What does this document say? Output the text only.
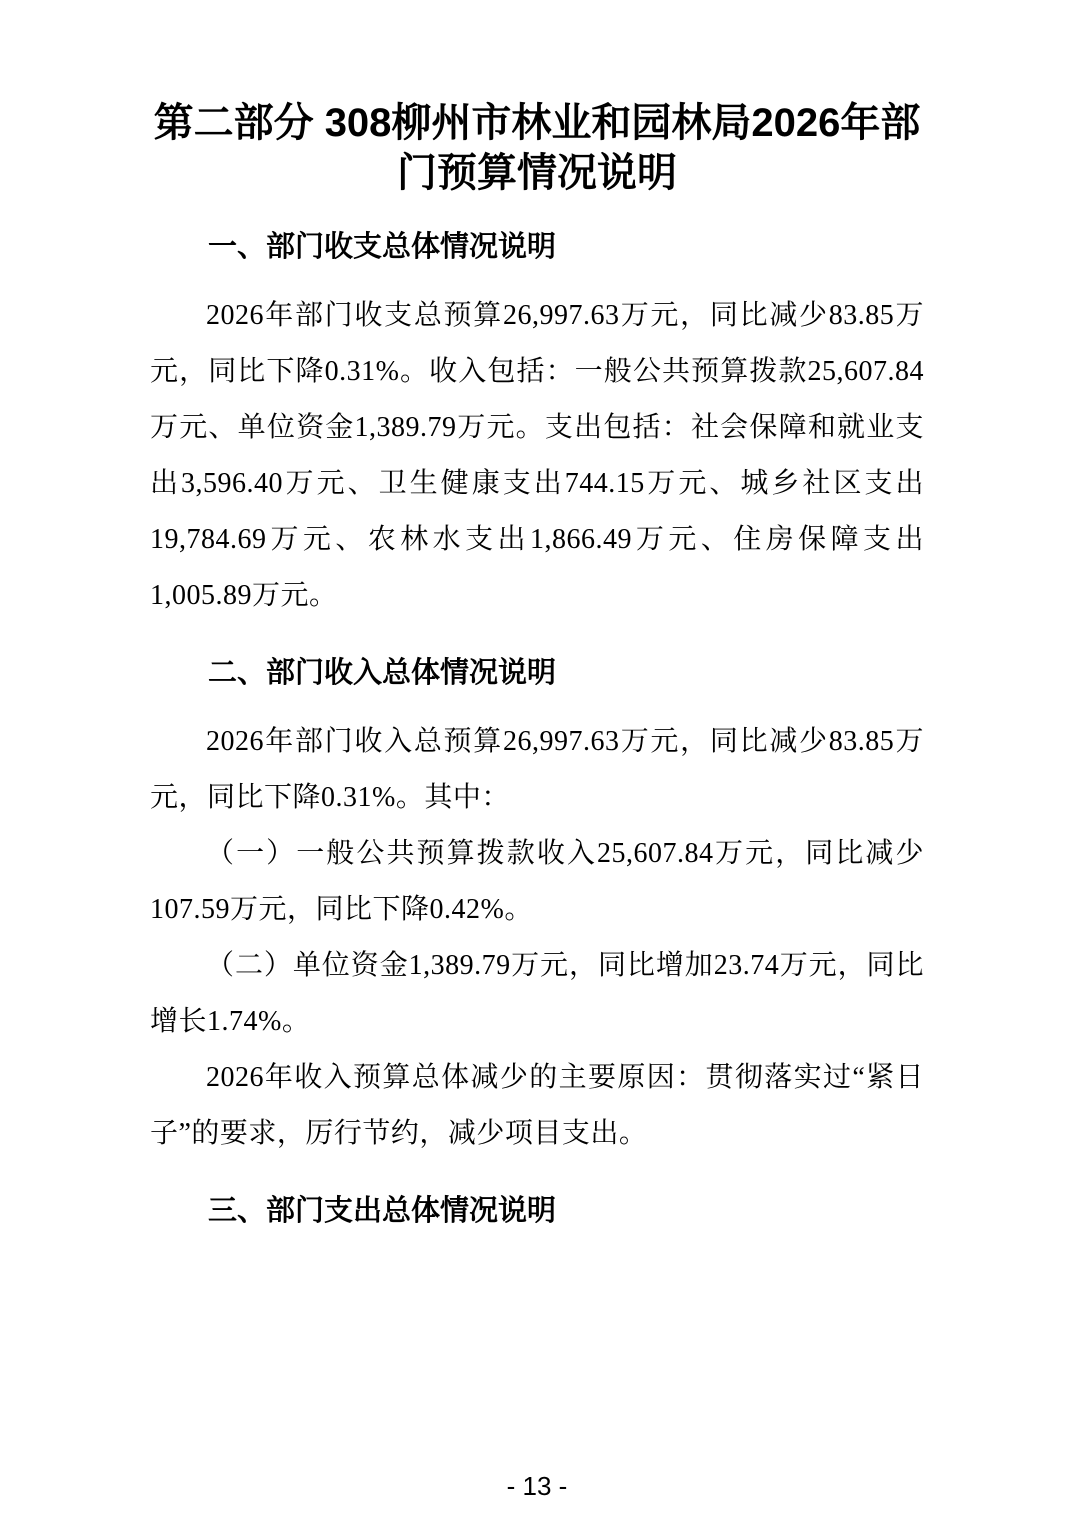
第二部分 308柳州市林业和园林局2026年部门预算情况说明
一、部门收支总体情况说明

2026年部门收支总预算26,997.63万元，同比减少83.85万元，同比下降0.31%。收入包括：一般公共预算拨款25,607.84万元、单位资金1,389.79万元。支出包括：社会保障和就业支出3,596.40万元、卫生健康支出744.15万元、城乡社区支出19,784.69万元、农林水支出1,866.49万元、住房保障支出1,005.89万元。

二、部门收入总体情况说明

2026年部门收入总预算26,997.63万元，同比减少83.85万元，同比下降0.31%。其中：

（一）一般公共预算拨款收入25,607.84万元，同比减少107.59万元，同比下降0.42%。

（二）单位资金1,389.79万元，同比增加23.74万元，同比增长1.74%。

2026年收入预算总体减少的主要原因：贯彻落实过“紧日子”的要求，厉行节约，减少项目支出。

三、部门支出总体情况说明
- 13 -
